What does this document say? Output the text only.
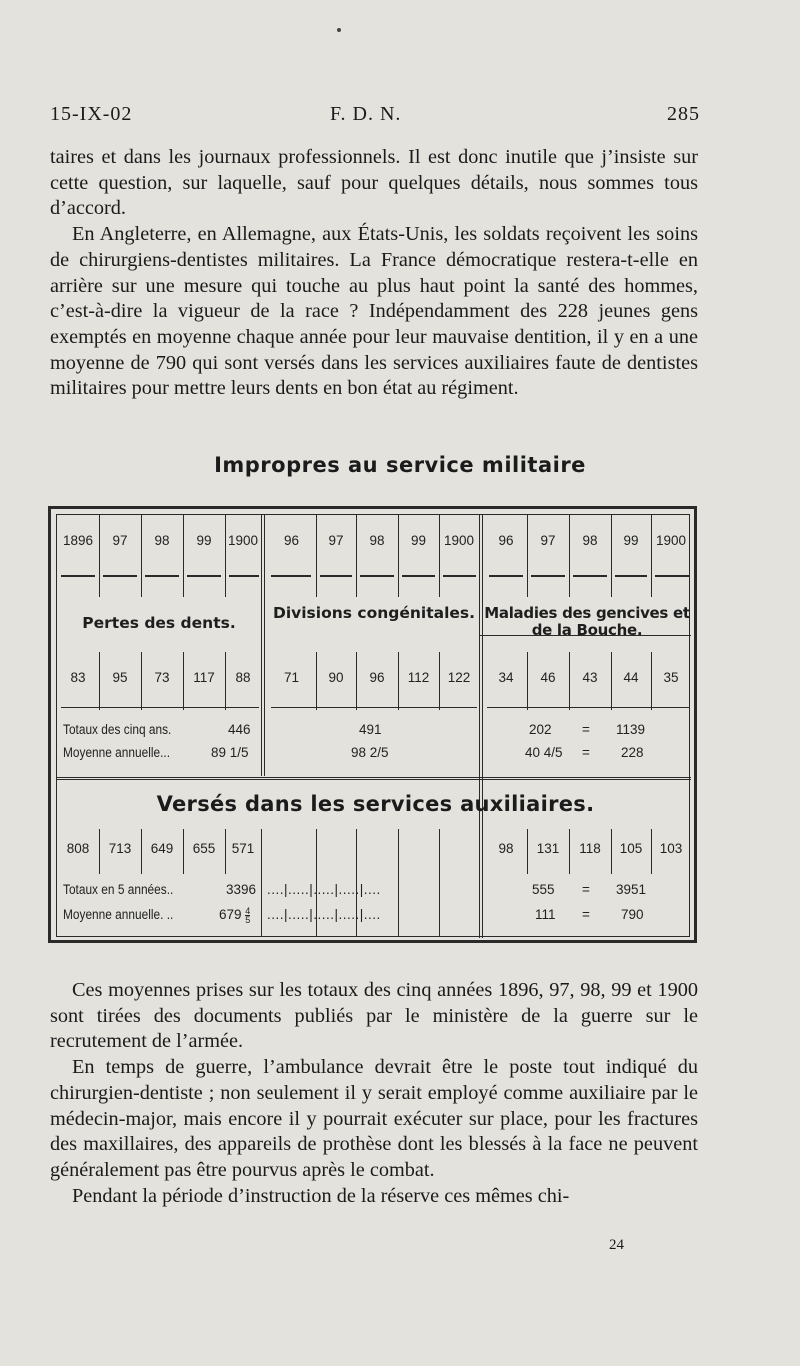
15-IX-02	F. D. N.	285

taires et dans les journaux professionnels. Il est donc inutile que j’insiste sur cette question, sur laquelle, sauf pour quelques détails, nous sommes tous d’accord.

En Angleterre, en Allemagne, aux États-Unis, les soldats reçoivent les soins de chirurgiens-dentistes militaires. La France démocratique restera-t-elle en arrière sur une mesure qui touche au plus haut point la santé des hommes, c’est-à-dire la vigueur de la race ? Indépendamment des 228 jeunes gens exemptés en moyenne chaque année pour leur mauvaise dentition, il y en a une moyenne de 790 qui sont versés dans les services auxiliaires faute de dentistes militaires pour mettre leurs dents en bon état au régiment.

Impropres au service militaire
1896	97	98	99	1900	96	97	98	99	1900	96	97	98	99	1900
Pertes des dents.
Divisions congénitales. Maladies des gencives et de la Bouche.
83	95	73	117	88	71	90	96	112	122	34	46	43	44	35
Totaux des cinq ans.	446	491	202 = 1139
Moyenne annuelle...	89 1/5	98 2/5	40 4/5 = 228
Versés dans les services auxiliaires.
808	713	649	655	571	98	131	118	105	103
Totaux en 5 années..	3396 ....|.....|.....|.....|....	555 = 3951
Moyenne annuelle. ..	$679 \frac{4}{5}$ ....|.....|.....|.....|....	111 = 790

Ces moyennes prises sur les totaux des cinq années 1896, 97, 98, 99 et 1900 sont tirées des documents publiés par le ministère de la guerre sur le recrutement de l’armée.

En temps de guerre, l’ambulance devrait être le poste tout indiqué du chirurgien-dentiste ; non seulement il y serait employé comme auxiliaire par le médecin-major, mais encore il y pourrait exécuter sur place, pour les fractures des maxillaires, des appareils de prothèse dont les blessés à la face ne peuvent généralement pas être pourvus après le combat.

Pendant la période d’instruction de la réserve ces mêmes chi-

24
